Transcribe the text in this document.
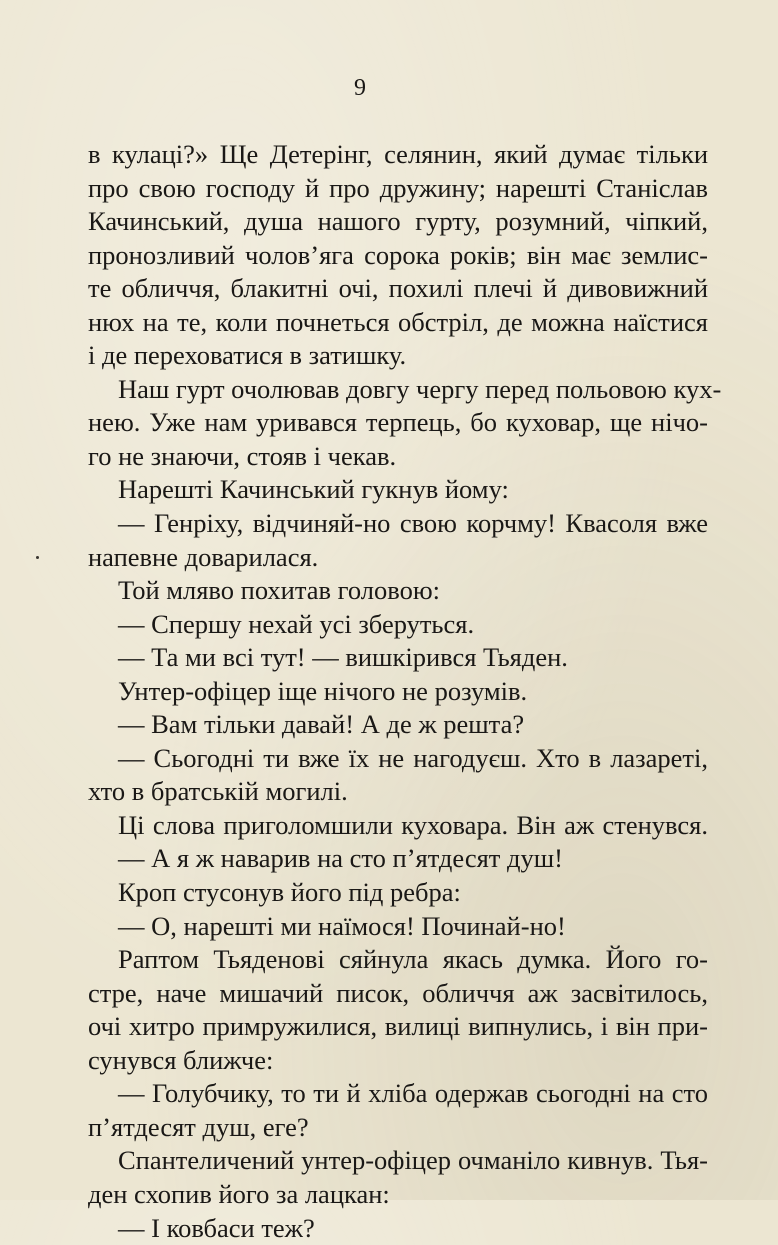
9
в кулаці?» Ще Детерінг, селянин, який думає тільки
про свою господу й про дружину; нарешті Станіслав
Качинський, душа нашого гурту, розумний, чіпкий,
пронозливий чолов’яга сорока років; він має землис-
те обличчя, блакитні очі, похилі плечі й дивовижний
нюх на те, коли почнеться обстріл, де можна наїстися
і де переховатися в затишку.
Наш гурт очолював довгу чергу перед польовою кух-
нею. Уже нам уривався терпець, бо куховар, ще нічо-
го не знаючи, стояв і чекав.
Нарешті Качинський гукнув йому:
— Генріху, відчиняй-но свою корчму! Квасоля вже
напевне доварилася.
Той мляво похитав головою:
— Спершу нехай усі зберуться.
— Та ми всі тут! — вишкірився Тьяден.
Унтер-офіцер іще нічого не розумів.
— Вам тільки давай! А де ж решта?
— Сьогодні ти вже їх не нагодуєш. Хто в лазареті,
хто в братській могилі.
Ці слова приголомшили куховара. Він аж стенувся.
— А я ж наварив на сто п’ятдесят душ!
Кроп стусонув його під ребра:
— О, нарешті ми наїмося! Починай-но!
Раптом Тьяденові сяйнула якась думка. Його го-
стре, наче мишачий писок, обличчя аж засвітилось,
очі хитро примружилися, вилиці випнулись, і він при-
сунувся ближче:
— Голубчику, то ти й хліба одержав сьогодні на сто
п’ятдесят душ, еге?
Спантеличений унтер-офіцер очманіло кивнув. Тья-
ден схопив його за лацкан:
— І ковбаси теж?
